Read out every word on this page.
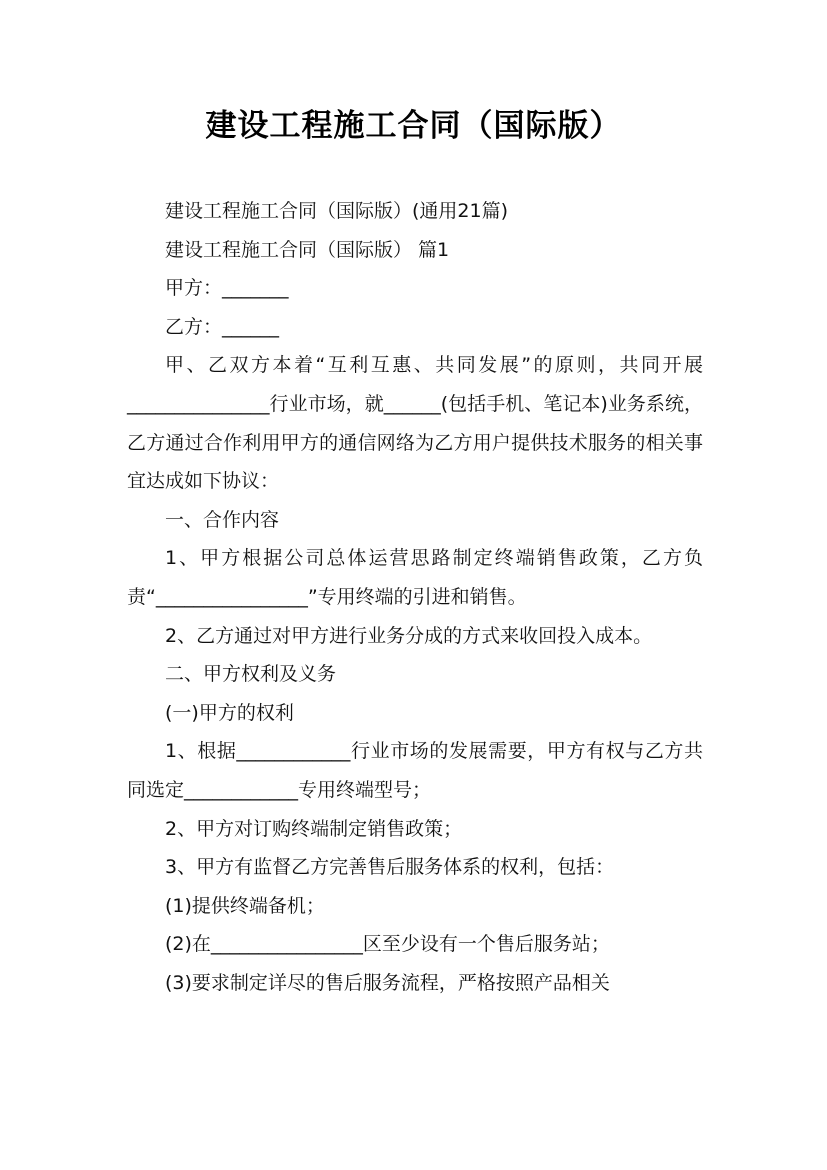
建设工程施工合同（国际版）

建设工程施工合同（国际版）(通用21篇)

建设工程施工合同（国际版） 篇1

甲方：_______

乙方：______

甲、乙双方本着“互利互惠、共同发展”的原则，共同开展_______________行业市场，就______(包括手机、笔记本)业务系统，乙方通过合作利用甲方的通信网络为乙方用户提供技术服务的相关事宜达成如下协议：

一、合作内容

1、甲方根据公司总体运营思路制定终端销售政策，乙方负责“________________”专用终端的引进和销售。

2、乙方通过对甲方进行业务分成的方式来收回投入成本。

二、甲方权利及义务

(一)甲方的权利

1、根据____________行业市场的发展需要，甲方有权与乙方共同选定____________专用终端型号；

2、甲方对订购终端制定销售政策；

3、甲方有监督乙方完善售后服务体系的权利，包括：

(1)提供终端备机；

(2)在________________区至少设有一个售后服务站；

(3)要求制定详尽的售后服务流程，严格按照产品相关
